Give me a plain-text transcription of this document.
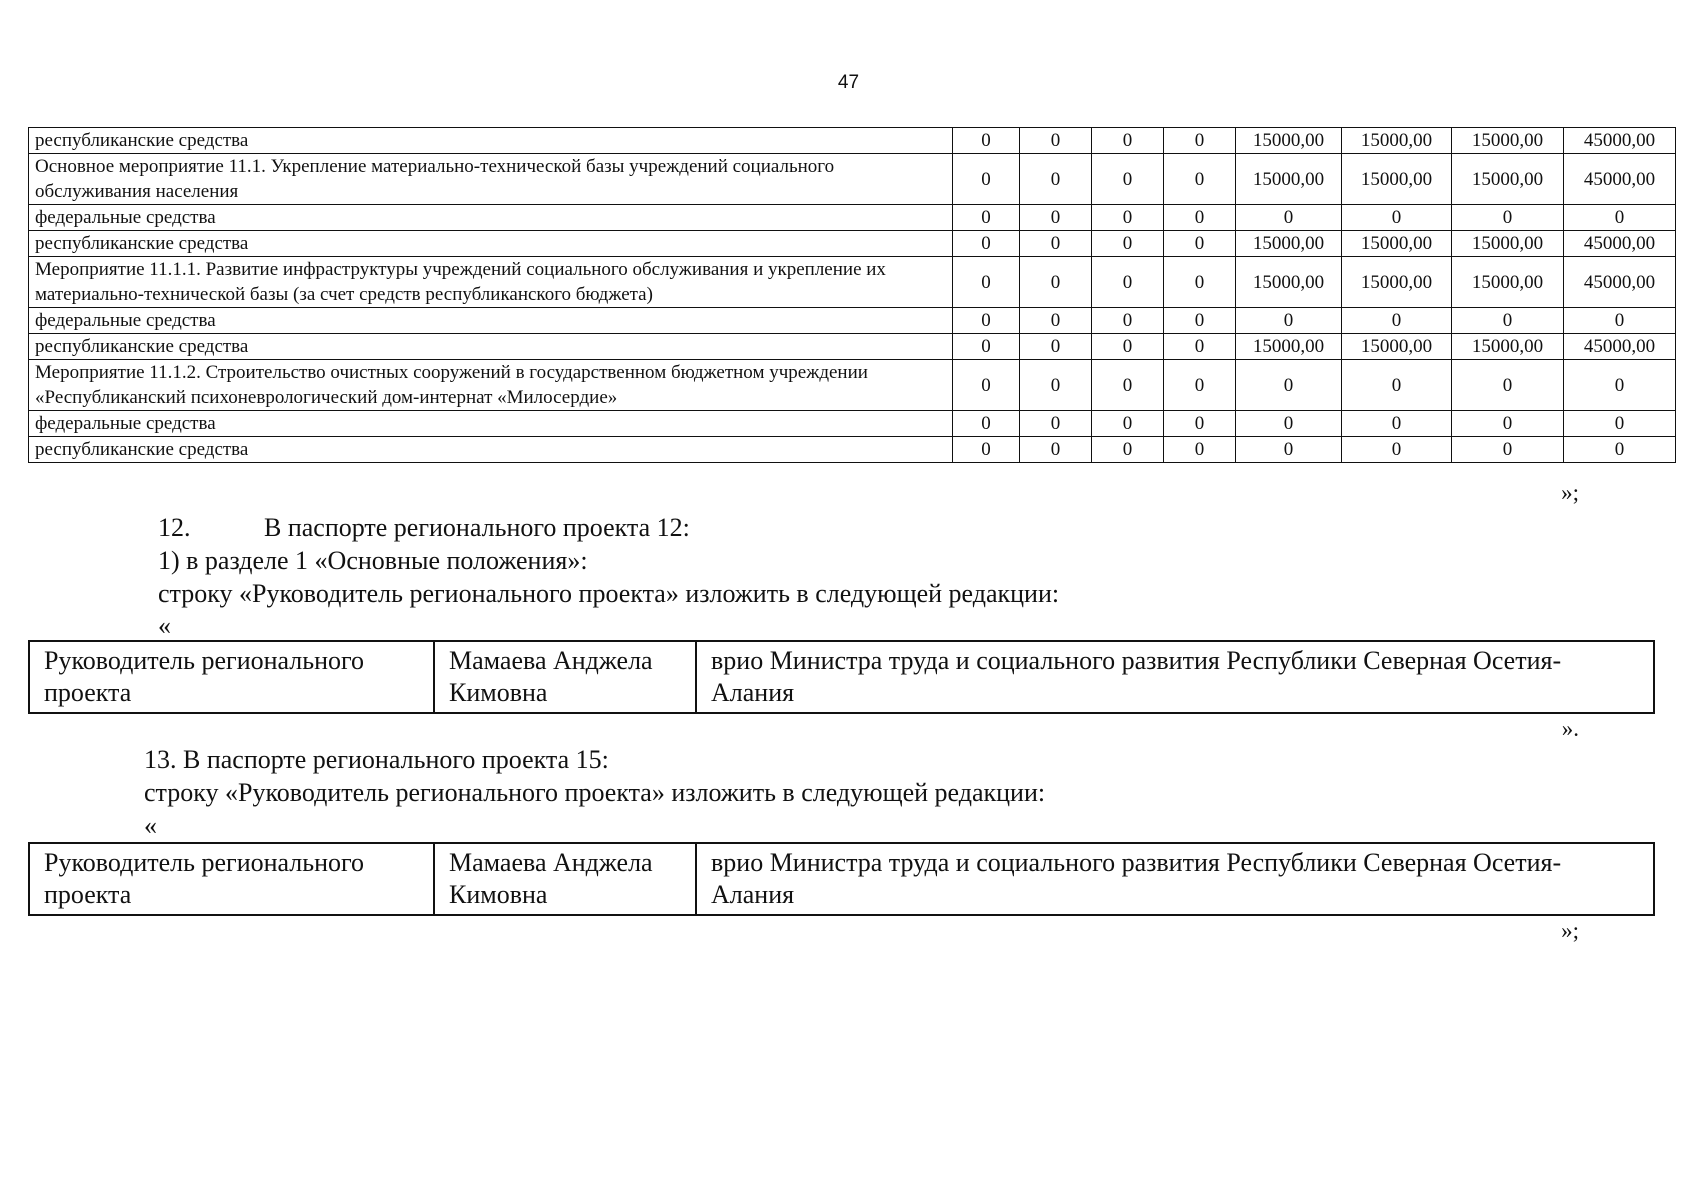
47
республиканские средства	0	0	0	0	15000,00	15000,00	15000,00	45000,00
Основное мероприятие 11.1. Укрепление материально-технической базы учреждений социального обслуживания населения	0	0	0	0	15000,00	15000,00	15000,00	45000,00
федеральные средства	0	0	0	0	0	0	0	0
республиканские средства	0	0	0	0	15000,00	15000,00	15000,00	45000,00
Мероприятие 11.1.1. Развитие инфраструктуры учреждений социального обслуживания и укрепление их материально-технической базы (за счет средств республиканского бюджета)	0	0	0	0	15000,00	15000,00	15000,00	45000,00
федеральные средства	0	0	0	0	0	0	0	0
республиканские средства	0	0	0	0	15000,00	15000,00	15000,00	45000,00
Мероприятие 11.1.2. Строительство очистных сооружений в государственном бюджетном учреждении «Республиканский психоневрологический дом-интернат «Милосердие»	0	0	0	0	0	0	0	0
федеральные средства	0	0	0	0	0	0	0	0
республиканские средства	0	0	0	0	0	0	0	0
»;
12.	В паспорте регионального проекта 12:
1) в разделе 1 «Основные положения»:
строку «Руководитель регионального проекта» изложить в следующей редакции:
«
Руководитель регионального проекта	Мамаева Анджела Кимовна	врио Министра труда и социального развития Республики Северная Осетия-Алания
».
13. В паспорте регионального проекта 15:
строку «Руководитель регионального проекта» изложить в следующей редакции:
«
Руководитель регионального проекта	Мамаева Анджела Кимовна	врио Министра труда и социального развития Республики Северная Осетия-Алания
»;
